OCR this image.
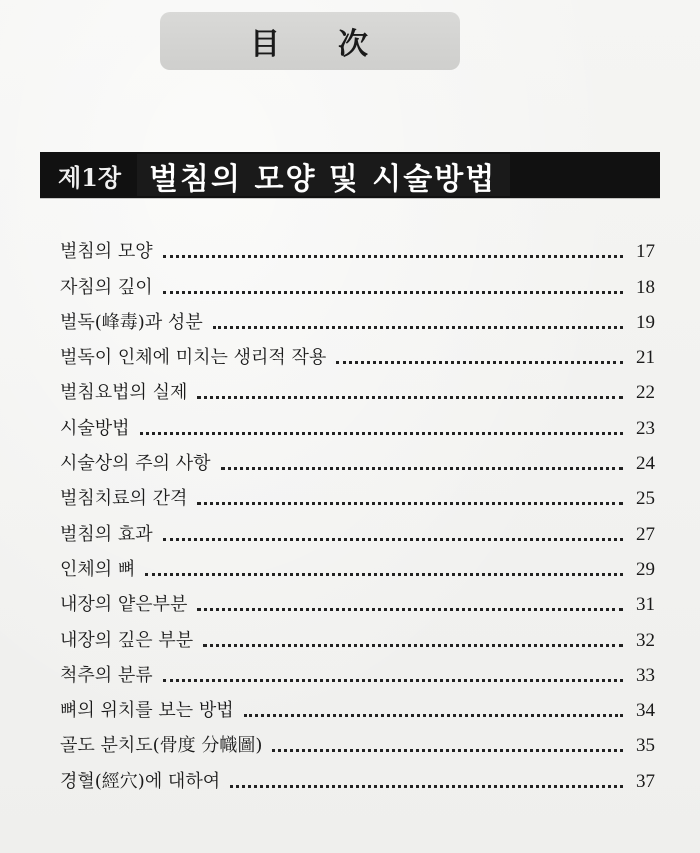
目 次
제1장 벌침의 모양 및 시술방법
벌침의 모양	17
자침의 깊이	18
벌독(峰毒)과 성분	19
벌독이 인체에 미치는 생리적 작용	21
벌침요법의 실제	22
시술방법	23
시술상의 주의 사항	24
벌침치료의 간격	25
벌침의 효과	27
인체의 뼈	29
내장의 얕은부분	31
내장의 깊은 부분	32
척추의 분류	33
뼈의 위치를 보는 방법	34
골도 분치도(骨度 分幟圖)	35
경혈(經穴)에 대하여	37
